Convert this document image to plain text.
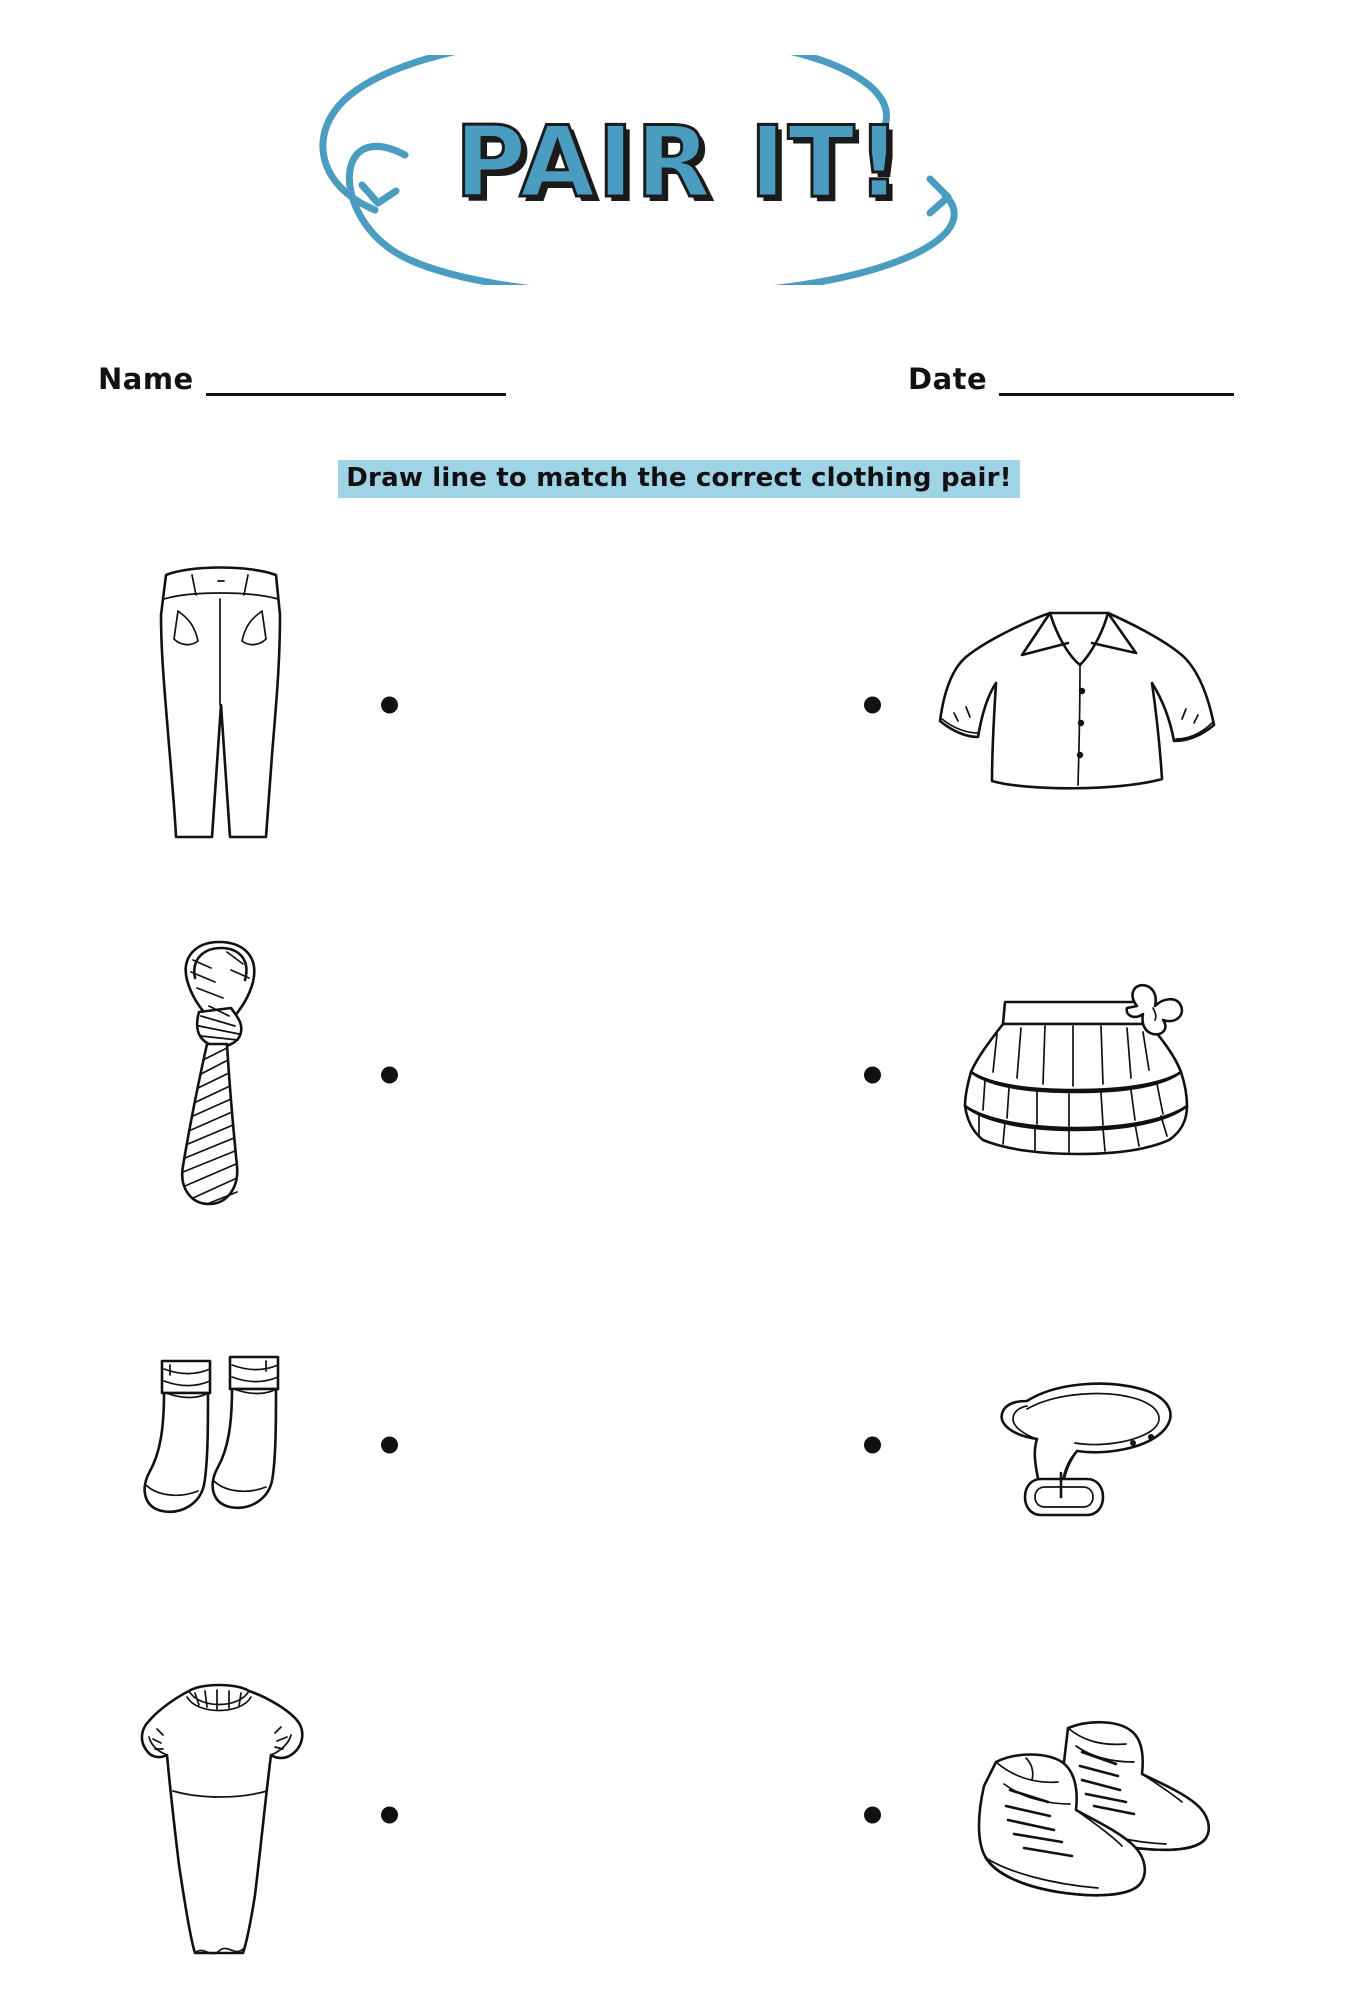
PAIR IT!
Name	Date
Draw line to match the correct clothing pair!
